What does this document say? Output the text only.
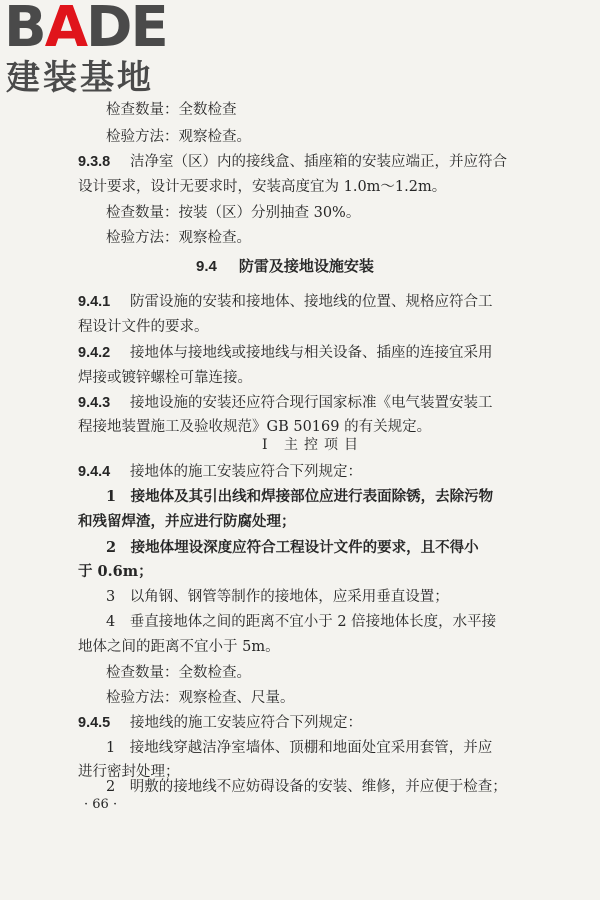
BADE
建装基地
检查数量：全数检查
检验方法：观察检查。
9.3.8 洁净室（区）内的接线盒、插座箱的安装应端正，并应符合
设计要求，设计无要求时，安装高度宜为 1.0m～1.2m。
检查数量：按装（区）分别抽查 30%。
检验方法：观察检查。
9.4 防雷及接地设施安装
9.4.1 防雷设施的安装和接地体、接地线的位置、规格应符合工
程设计文件的要求。
9.4.2 接地体与接地线或接地线与相关设备、插座的连接宜采用
焊接或镀锌螺栓可靠连接。
9.4.3 接地设施的安装还应符合现行国家标准《电气装置安装工
程接地装置施工及验收规范》GB 50169 的有关规定。
Ⅰ 主控项目
9.4.4 接地体的施工安装应符合下列规定：
1　接地体及其引出线和焊接部位应进行表面除锈，去除污物
和残留焊渣，并应进行防腐处理；
2　接地体埋设深度应符合工程设计文件的要求，且不得小
于 0.6m；
3　以角钢、钢管等制作的接地体，应采用垂直设置；
4　垂直接地体之间的距离不宜小于 2 倍接地体长度，水平接
地体之间的距离不宜小于 5m。
检查数量：全数检查。
检验方法：观察检查、尺量。
9.4.5 接地线的施工安装应符合下列规定：
1　接地线穿越洁净室墙体、顶棚和地面处宜采用套管，并应
进行密封处理；
2　明敷的接地线不应妨碍设备的安装、维修，并应便于检查；
· 66 ·
